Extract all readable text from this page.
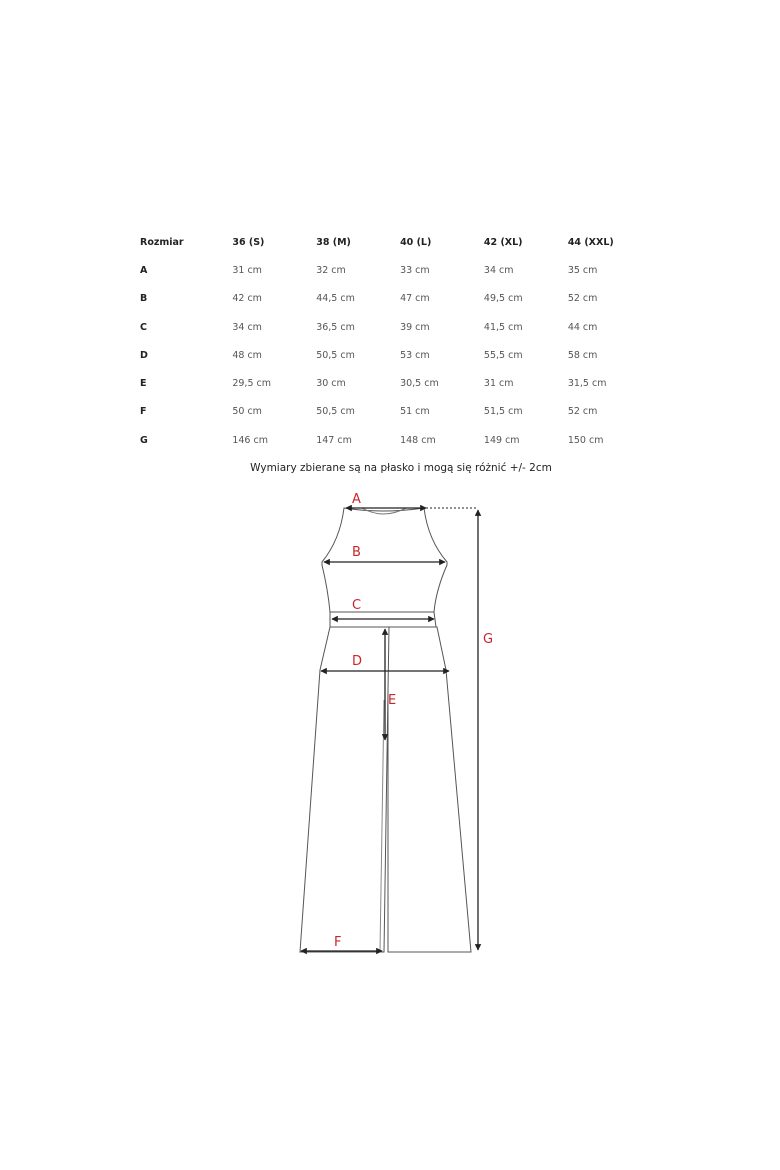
Rozmiar	36 (S)	38 (M)	40 (L)	42 (XL)	44 (XXL)
A	31 cm	32 cm	33 cm	34 cm	35 cm
B	42 cm	44,5 cm	47 cm	49,5 cm	52 cm
C	34 cm	36,5 cm	39 cm	41,5 cm	44 cm
D	48 cm	50,5 cm	53 cm	55,5 cm	58 cm
E	29,5 cm	30 cm	30,5 cm	31 cm	31,5 cm
F	50 cm	50,5 cm	51 cm	51,5 cm	52 cm
G	146 cm	147 cm	148 cm	149 cm	150 cm
Wymiary zbierane są na płasko i mogą się różnić +/- 2cm
A
B
C
D
E
F
G
